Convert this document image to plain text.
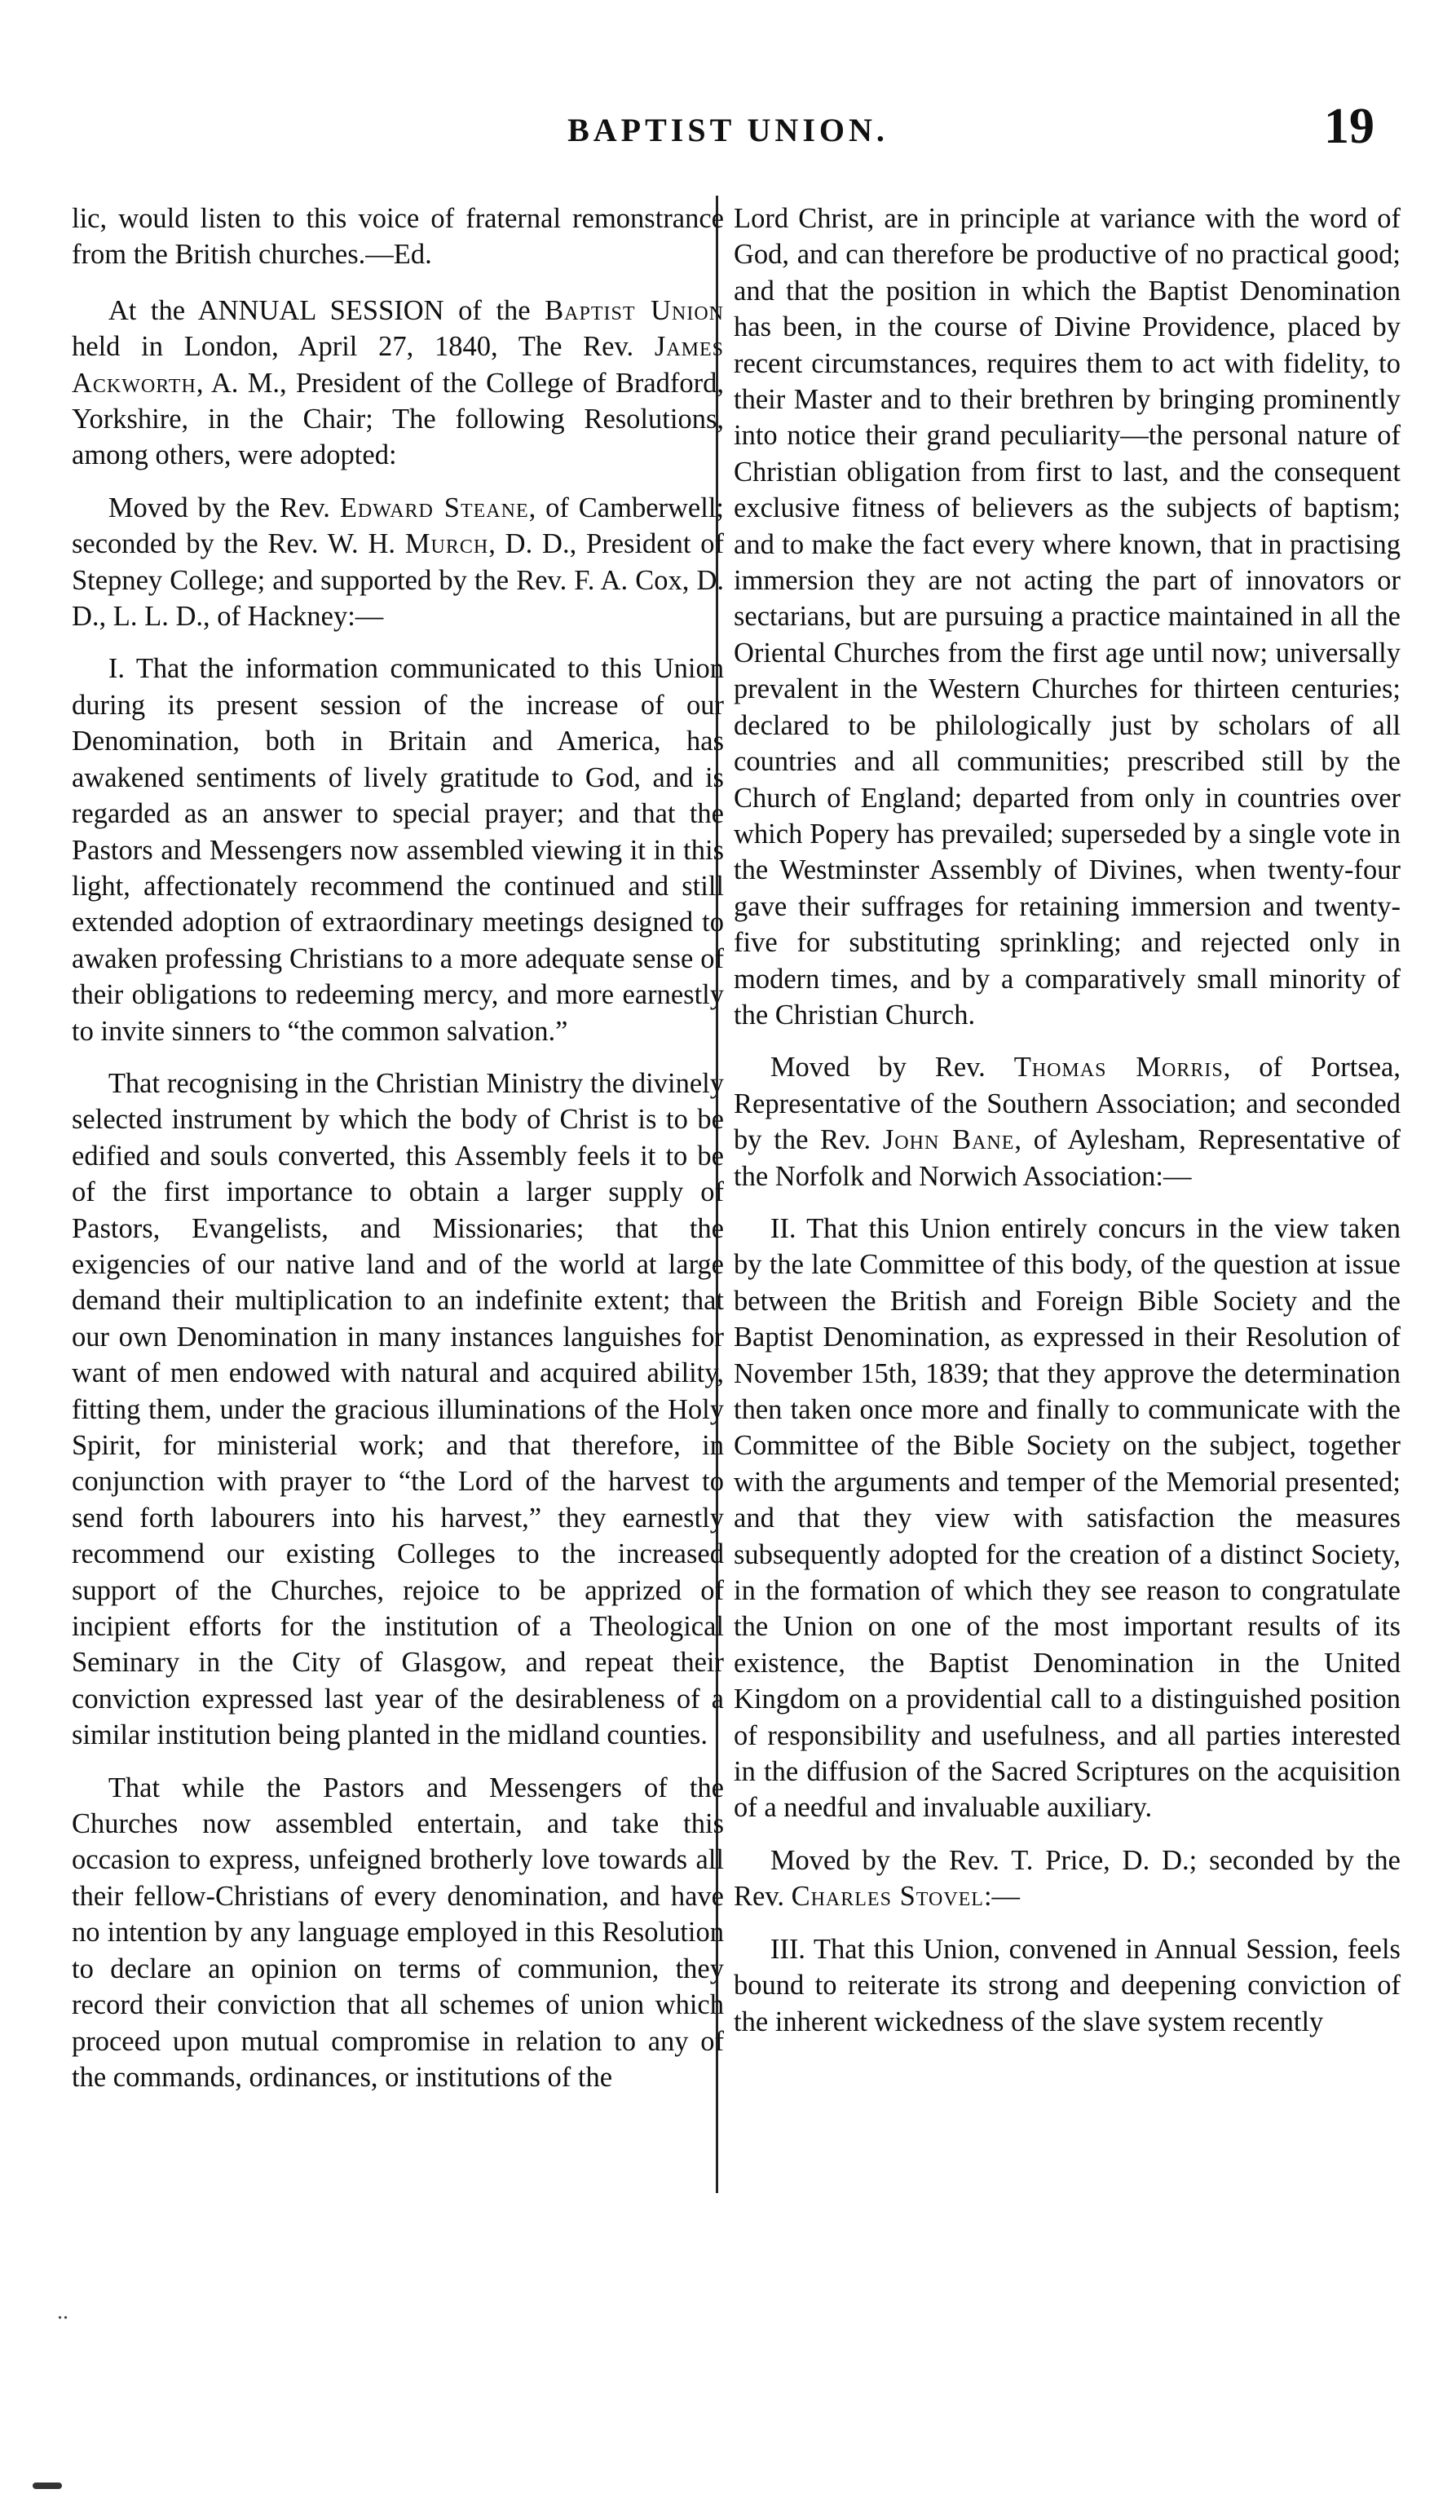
BAPTIST UNION.	19

lic, would listen to this voice of fraternal remonstrance from the British churches.—Ed.

At the ANNUAL SESSION of the Baptist Union held in London, April 27, 1840, The Rev. James Ackworth, A. M., President of the College of Bradford, Yorkshire, in the Chair; The following Resolutions, among others, were adopted:

Moved by the Rev. Edward Steane, of Camberwell; seconded by the Rev. W. H. Murch, D. D., President of Stepney College; and supported by the Rev. F. A. Cox, D. D., L. L. D., of Hackney:—

I. That the information communicated to this Union during its present session of the increase of our Denomination, both in Britain and America, has awakened sentiments of lively gratitude to God, and is regarded as an answer to special prayer; and that the Pastors and Messengers now assembled viewing it in this light, affectionately recommend the continued and still extended adoption of extraordinary meetings designed to awaken professing Christians to a more adequate sense of their obligations to redeeming mercy, and more earnestly to invite sinners to “the common salvation.”

That recognising in the Christian Ministry the divinely selected instrument by which the body of Christ is to be edified and souls converted, this Assembly feels it to be of the first importance to obtain a larger supply of Pastors, Evangelists, and Missionaries; that the exigencies of our native land and of the world at large demand their multiplication to an indefinite extent; that our own Denomination in many instances languishes for want of men endowed with natural and acquired ability, fitting them, under the gracious illuminations of the Holy Spirit, for ministerial work; and that therefore, in conjunction with prayer to “the Lord of the harvest to send forth labourers into his harvest,” they earnestly recommend our existing Colleges to the increased support of the Churches, rejoice to be apprized of incipient efforts for the institution of a Theological Seminary in the City of Glasgow, and repeat their conviction expressed last year of the desirableness of a similar institution being planted in the midland counties.

That while the Pastors and Messengers of the Churches now assembled entertain, and take this occasion to express, unfeigned brotherly love towards all their fellow-Christians of every denomination, and have no intention by any language employed in this Resolution to declare an opinion on terms of communion, they record their conviction that all schemes of union which proceed upon mutual compromise in relation to any of the commands, ordinances, or institutions of the

Lord Christ, are in principle at variance with the word of God, and can therefore be productive of no practical good; and that the position in which the Baptist Denomination has been, in the course of Divine Providence, placed by recent circumstances, requires them to act with fidelity, to their Master and to their brethren by bringing prominently into notice their grand peculiarity—the personal nature of Christian obligation from first to last, and the consequent exclusive fitness of believers as the subjects of baptism; and to make the fact every where known, that in practising immersion they are not acting the part of innovators or sectarians, but are pursuing a practice maintained in all the Oriental Churches from the first age until now; universally prevalent in the Western Churches for thirteen centuries; declared to be philologically just by scholars of all countries and all communities; prescribed still by the Church of England; departed from only in countries over which Popery has prevailed; superseded by a single vote in the Westminster Assembly of Divines, when twenty-four gave their suffrages for retaining immersion and twenty-five for substituting sprinkling; and rejected only in modern times, and by a comparatively small minority of the Christian Church.

Moved by Rev. Thomas Morris, of Portsea, Representative of the Southern Association; and seconded by the Rev. John Bane, of Aylesham, Representative of the Norfolk and Norwich Association:—

II. That this Union entirely concurs in the view taken by the late Committee of this body, of the question at issue between the British and Foreign Bible Society and the Baptist Denomination, as expressed in their Resolution of November 15th, 1839; that they approve the determination then taken once more and finally to communicate with the Committee of the Bible Society on the subject, together with the arguments and temper of the Memorial presented; and that they view with satisfaction the measures subsequently adopted for the creation of a distinct Society, in the formation of which they see reason to congratulate the Union on one of the most important results of its existence, the Baptist Denomination in the United Kingdom on a providential call to a distinguished position of responsibility and usefulness, and all parties interested in the diffusion of the Sacred Scriptures on the acquisition of a needful and invaluable auxiliary.

Moved by the Rev. T. Price, D. D.; seconded by the Rev. Charles Stovel:—

III. That this Union, convened in Annual Session, feels bound to reiterate its strong and deepening conviction of the inherent wickedness of the slave system recently

..
